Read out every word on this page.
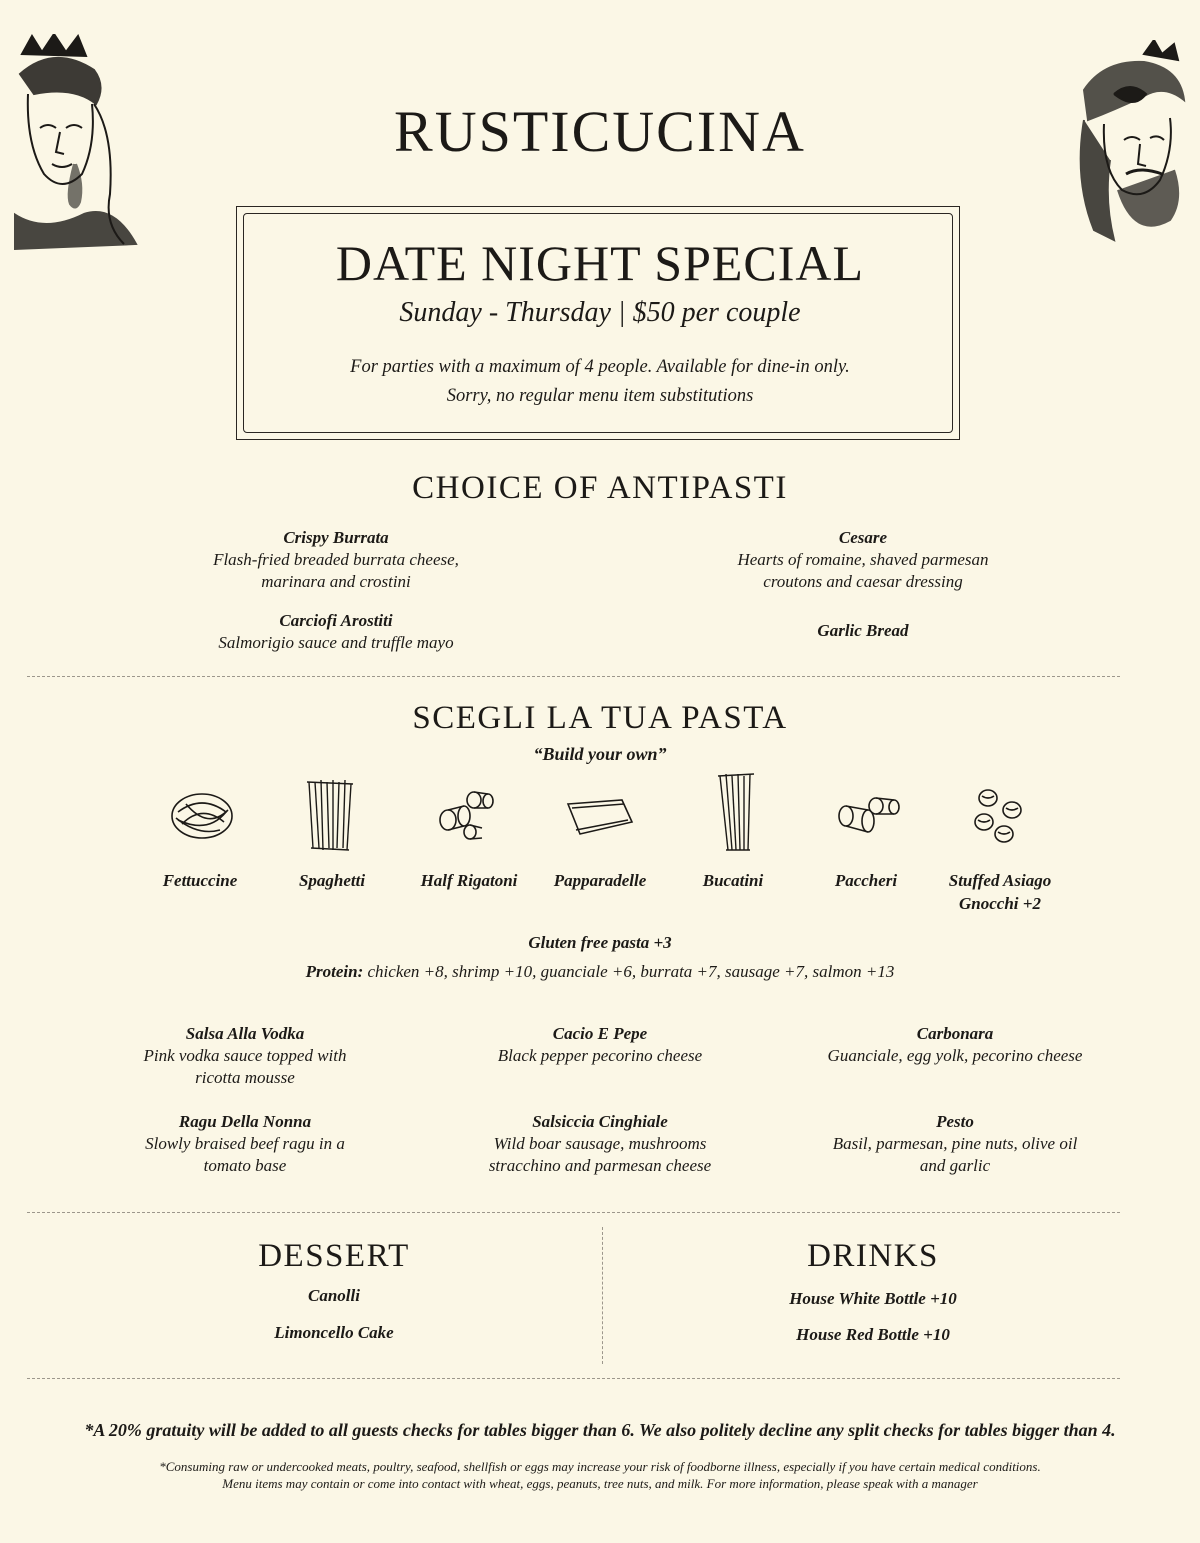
RUSTICUCINA
DATE NIGHT SPECIAL
Sunday - Thursday | $50 per couple
For parties with a maximum of 4 people. Available for dine-in only. Sorry, no regular menu item substitutions
CHOICE OF ANTIPASTI
Crispy Burrata
Flash-fried breaded burrata cheese,
marinara and crostini
Cesare
Hearts of romaine, shaved parmesan
croutons and caesar dressing
Carciofi Arostiti
Salmorigio sauce and truffle mayo
Garlic Bread
SCEGLI LA TUA PASTA
“Build your own”
Fettuccine	Spaghetti	Half Rigatoni	Papparadelle	Bucatini	Paccheri	Stuffed Asiago
Gnocchi +2
Gluten free pasta +3
Protein: chicken +8, shrimp +10, guanciale +6, burrata +7, sausage +7, salmon +13
Salsa Alla Vodka
Pink vodka sauce topped with
ricotta mousse
Cacio E Pepe
Black pepper pecorino cheese
Carbonara
Guanciale, egg yolk, pecorino cheese
Ragu Della Nonna
Slowly braised beef ragu in a
tomato base
Salsiccia Cinghiale
Wild boar sausage, mushrooms
stracchino and parmesan cheese
Pesto
Basil, parmesan, pine nuts, olive oil
and garlic
DESSERT
Canolli
Limoncello Cake
DRINKS
House White Bottle +10
House Red Bottle +10
*A 20% gratuity will be added to all guests checks for tables bigger than 6. We also politely decline any split checks for tables bigger than 4.
*Consuming raw or undercooked meats, poultry, seafood, shellfish or eggs may increase your risk of foodborne illness, especially if you have certain medical conditions.
Menu items may contain or come into contact with wheat, eggs, peanuts, tree nuts, and milk. For more information, please speak with a manager
